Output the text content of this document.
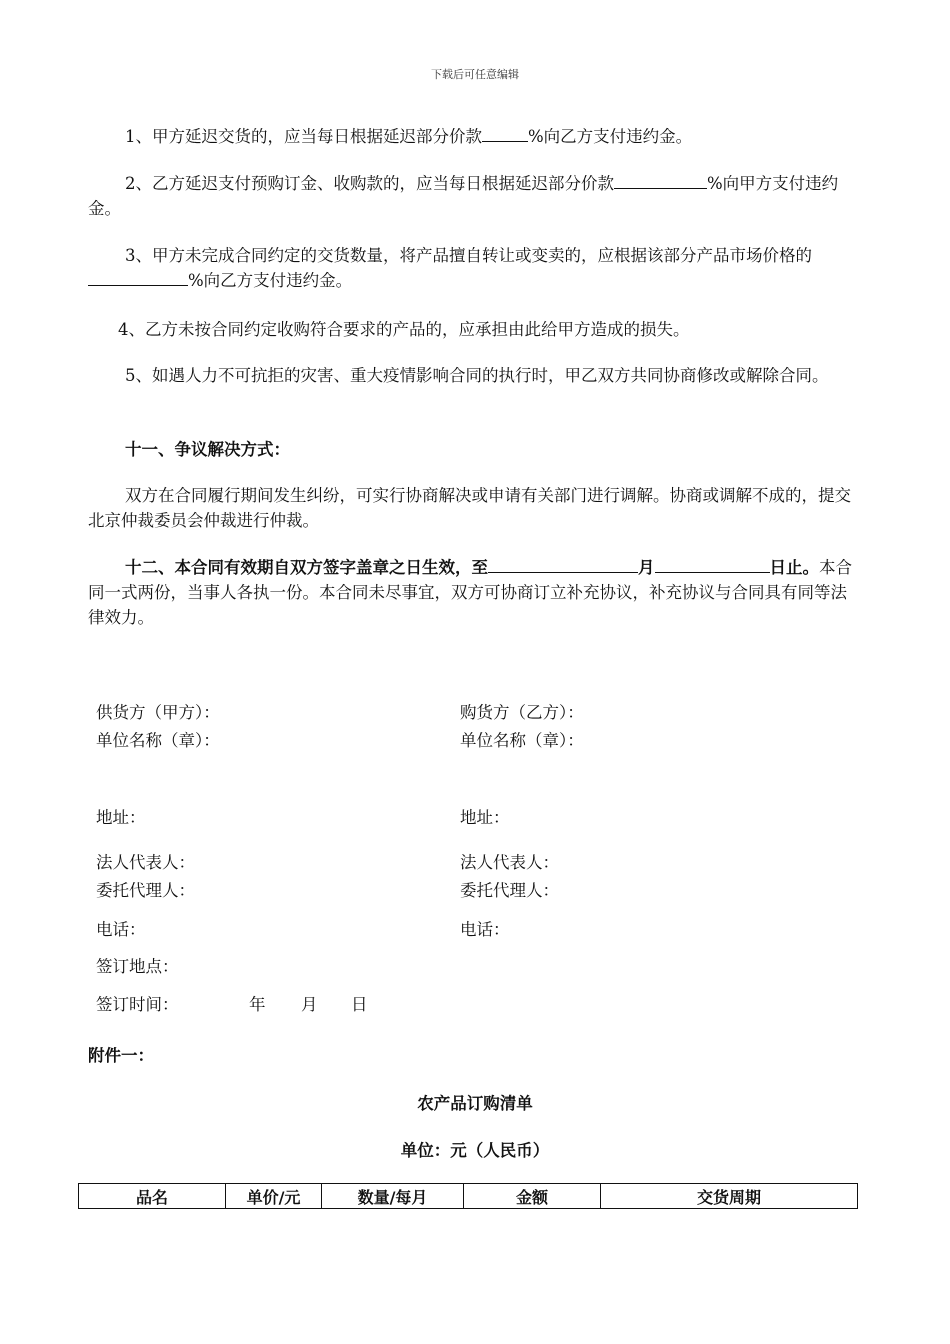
下载后可任意编辑
1、甲方延迟交货的，应当每日根据延迟部分价款	%向乙方支付违约金。
2、乙方延迟支付预购订金、收购款的，应当每日根据延迟部分价款	%向甲方支付违约金。
3、甲方未完成合同约定的交货数量，将产品擅自转让或变卖的，应根据该部分产品市场价格的%向乙方支付违约金。
4、乙方未按合同约定收购符合要求的产品的，应承担由此给甲方造成的损失。
5、如遇人力不可抗拒的灾害、重大疫情影响合同的执行时，甲乙双方共同协商修改或解除合同。
十一、争议解决方式：
双方在合同履行期间发生纠纷，可实行协商解决或申请有关部门进行调解。协商或调解不成的，提交北京仲裁委员会仲裁进行仲裁。
十二、本合同有效期自双方签字盖章之日生效，至	月	日止。本合同一式两份，当事人各执一份。本合同未尽事宜，双方可协商订立补充协议，补充协议与合同具有同等法律效力。
供货方（甲方）：	购货方（乙方）：
单位名称（章）：	单位名称（章）：
地址：	地址：
法人代表人：	法人代表人：
委托代理人：	委托代理人：
电话：	电话：
签订地点：
签订时间：	年 月 日
附件一：
农产品订购清单
单位：元（人民币）
品名	单价/元	数量/每月	金额	交货周期
